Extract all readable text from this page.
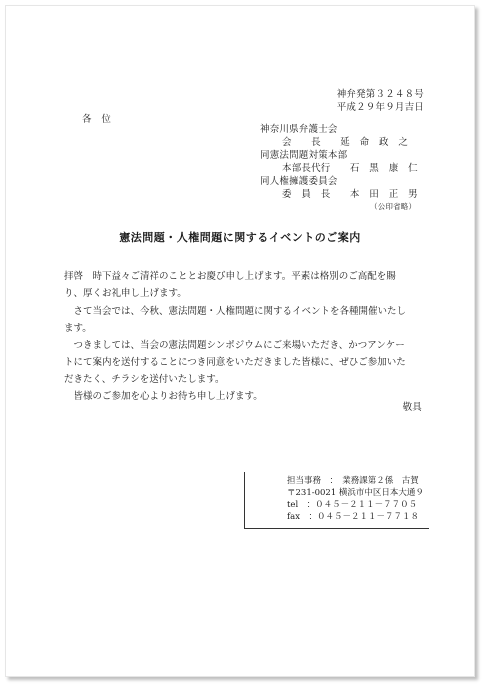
神弁発第３２４８号
平成２９年９月吉日
各　位
神奈川県弁護士会
会　　長　　延　命　政　之
同憲法問題対策本部
本部長代行　　石　黒　康　仁
同人権擁護委員会
委　員　長　　本　田　正　男
（公印省略）
憲法問題・人権問題に関するイベントのご案内
拝啓　時下益々ご清祥のこととお慶び申し上げます。平素は格別のご高配を賜
り、厚くお礼申し上げます。
　さて当会では、今秋、憲法問題・人権問題に関するイベントを各種開催いたし
ます。
　つきましては、当会の憲法問題シンポジウムにご来場いただき、かつアンケー
トにて案内を送付することにつき同意をいただきました皆様に、ぜひご参加いた
だきたく、チラシを送付いたします。
　皆様のご参加を心よりお待ち申し上げます。
敬具
担当事務　：　業務課第２係　古賀
〒231-0021 横浜市中区日本大通９
tel　：０４５－２１１－７７０５
fax　：０４５－２１１－７７１８
